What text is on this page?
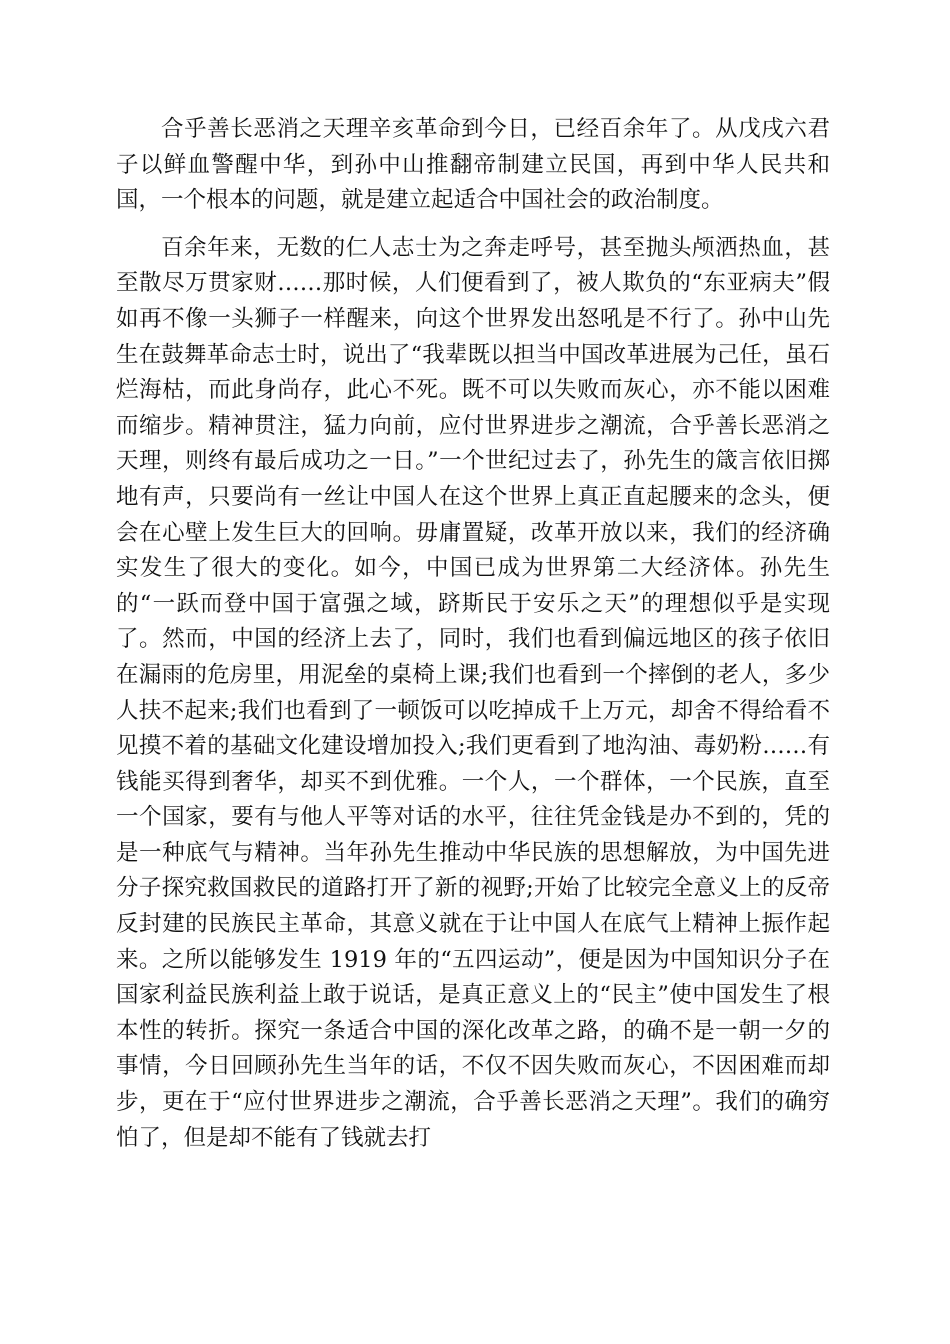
合乎善长恶消之天理辛亥革命到今日，已经百余年了。从戊戌六君子以鲜血警醒中华，到孙中山推翻帝制建立民国，再到中华人民共和国，一个根本的问题，就是建立起适合中国社会的政治制度。

百余年来，无数的仁人志士为之奔走呼号，甚至抛头颅洒热血，甚至散尽万贯家财……那时候，人们便看到了，被人欺负的“东亚病夫”假如再不像一头狮子一样醒来，向这个世界发出怒吼是不行了。孙中山先生在鼓舞革命志士时，说出了“我辈既以担当中国改革进展为己任，虽石烂海枯，而此身尚存，此心不死。既不可以失败而灰心，亦不能以困难而缩步。精神贯注，猛力向前，应付世界进步之潮流，合乎善长恶消之天理，则终有最后成功之一日。”一个世纪过去了，孙先生的箴言依旧掷地有声，只要尚有一丝让中国人在这个世界上真正直起腰来的念头，便会在心壁上发生巨大的回响。毋庸置疑，改革开放以来，我们的经济确实发生了很大的变化。如今，中国已成为世界第二大经济体。孙先生的“一跃而登中国于富强之域，跻斯民于安乐之天”的理想似乎是实现了。然而，中国的经济上去了，同时，我们也看到偏远地区的孩子依旧在漏雨的危房里，用泥垒的桌椅上课;我们也看到一个摔倒的老人，多少人扶不起来;我们也看到了一顿饭可以吃掉成千上万元，却舍不得给看不见摸不着的基础文化建设增加投入;我们更看到了地沟油、毒奶粉……有钱能买得到奢华，却买不到优雅。一个人，一个群体，一个民族，直至一个国家，要有与他人平等对话的水平，往往凭金钱是办不到的，凭的是一种底气与精神。当年孙先生推动中华民族的思想解放，为中国先进分子探究救国救民的道路打开了新的视野;开始了比较完全意义上的反帝反封建的民族民主革命，其意义就在于让中国人在底气上精神上振作起来。之所以能够发生 1919 年的“五四运动”，便是因为中国知识分子在国家利益民族利益上敢于说话，是真正意义上的“民主”使中国发生了根本性的转折。探究一条适合中国的深化改革之路，的确不是一朝一夕的事情，今日回顾孙先生当年的话，不仅不因失败而灰心，不因困难而却步，更在于“应付世界进步之潮流，合乎善长恶消之天理”。我们的确穷怕了，但是却不能有了钱就去打
